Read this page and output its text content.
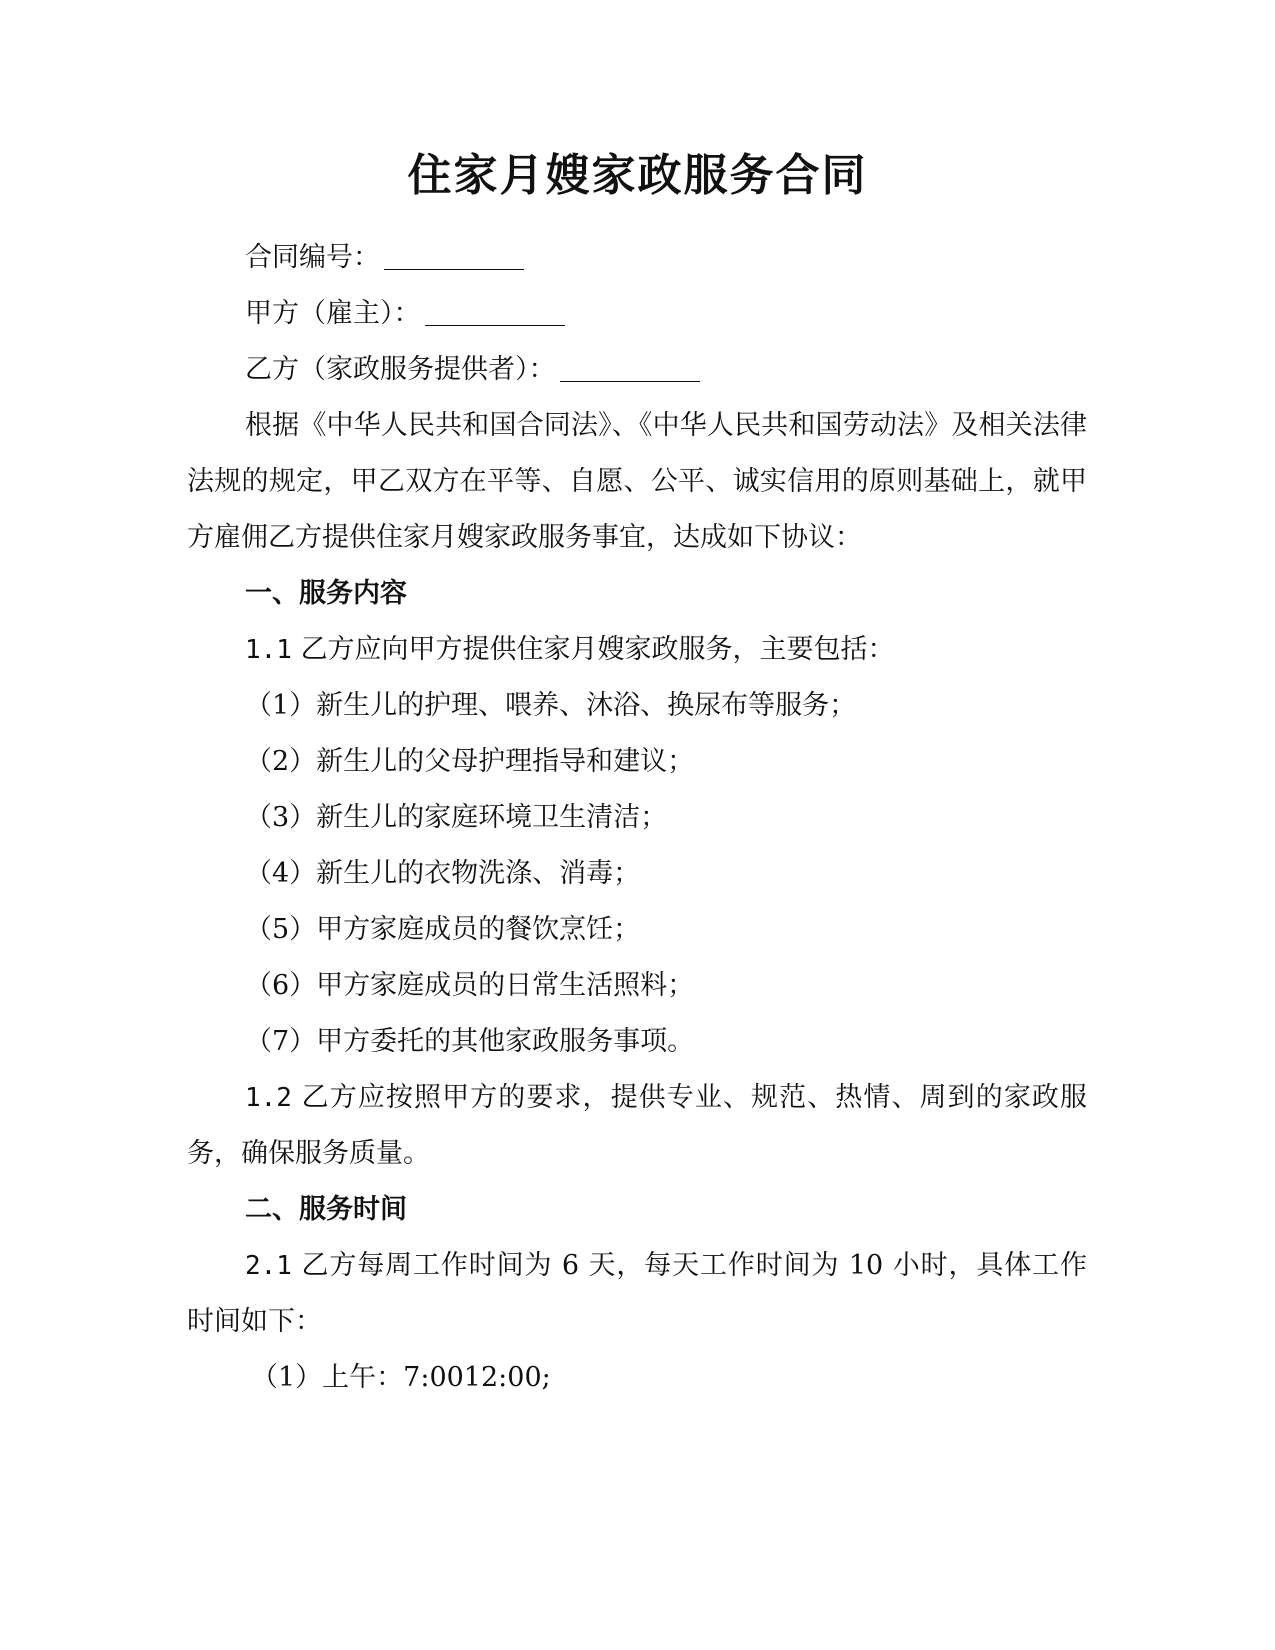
住家月嫂家政服务合同

合同编号：

甲方（雇主）：

乙方（家政服务提供者）：

根据《中华人民共和国合同法》、《中华人民共和国劳动法》及相关法律法规的规定，甲乙双方在平等、自愿、公平、诚实信用的原则基础上，就甲方雇佣乙方提供住家月嫂家政服务事宜，达成如下协议：

一、服务内容

1.1 乙方应向甲方提供住家月嫂家政服务，主要包括：

（1）新生儿的护理、喂养、沐浴、换尿布等服务；

（2）新生儿的父母护理指导和建议；

（3）新生儿的家庭环境卫生清洁；

（4）新生儿的衣物洗涤、消毒；

（5）甲方家庭成员的餐饮烹饪；

（6）甲方家庭成员的日常生活照料；

（7）甲方委托的其他家政服务事项。

1.2 乙方应按照甲方的要求，提供专业、规范、热情、周到的家政服务，确保服务质量。

二、服务时间

2.1 乙方每周工作时间为 6 天，每天工作时间为 10 小时，具体工作时间如下：

（1）上午：7:0012:00;
